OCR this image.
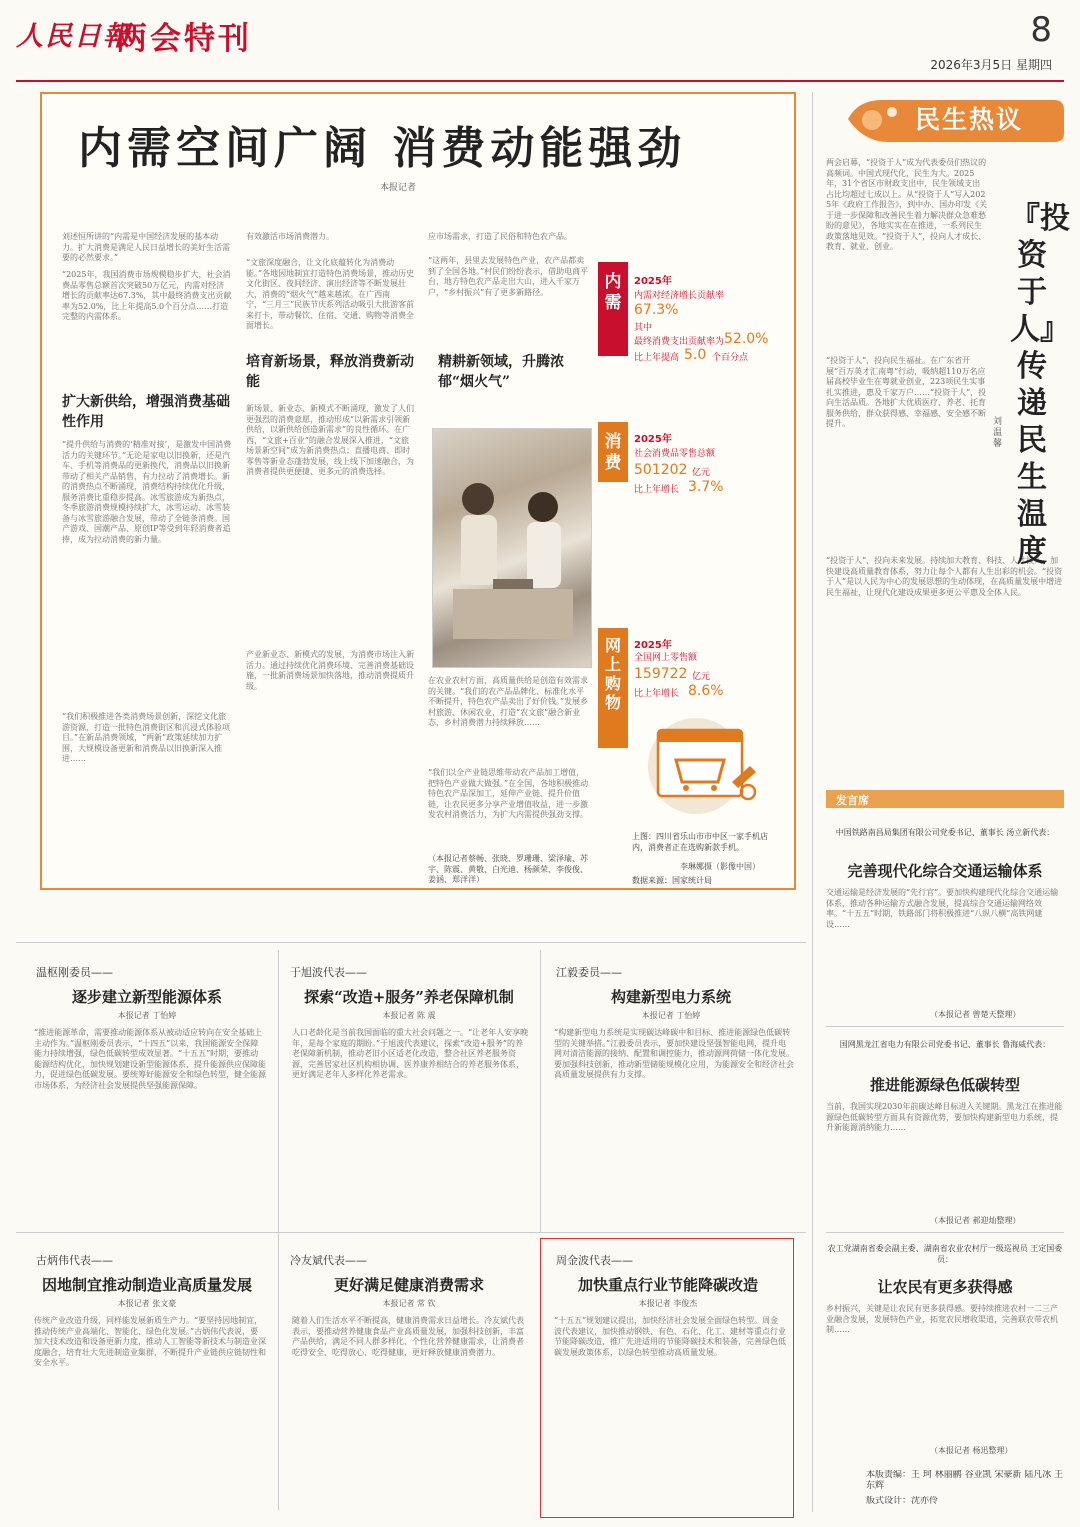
人民日報
两会特刊	8
2026年3月5日 星期四
内需空间广阔 消费动能强劲
本报记者
刘述恒所讲的“内需是中国经济发展的基本动力。扩大消费是满足人民日益增长的美好生活需要的必然要求。”
“2025年，我国消费市场规模稳步扩大，社会消费品零售总额首次突破50万亿元，内需对经济增长的贡献率达67.3%，其中最终消费支出贡献率为52.0%，比上年提高5.0个百分点……打造完整的内需体系。
扩大新供给，增强消费基础性作用
“提升供给与消费的‘精准对接’，是激发中国消费活力的关键环节。”无论是家电以旧换新，还是汽车、手机等消费品的更新换代，消费品以旧换新带动了相关产品销售，有力拉动了消费增长。新的消费热点不断涌现，消费结构持续优化升级，服务消费比重稳步提高。冰雪旅游成为新热点，冬季旅游消费规模持续扩大，冰雪运动、冰雪装备与冰雪旅游融合发展，带动了全链条消费。国产游戏、国潮产品、原创IP等受到年轻消费者追捧，成为拉动消费的新力量。
“我们积极推进各类消费场景创新，深挖文化旅游资源，打造一批特色消费街区和沉浸式体验项目。”在新品消费领域，“两新”政策延续加力扩围，大规模设备更新和消费品以旧换新深入推进……
有效激活市场消费潜力。
“文旅深度融合，让文化底蕴转化为消费动能。”各地因地制宜打造特色消费场景，推动历史文化街区、夜间经济、演出经济等不断发展壮大，消费的“烟火气”越来越浓。在广西南宁，“三月三”民族节庆系列活动吸引大批游客前来打卡，带动餐饮、住宿、交通、购物等消费全面增长。
培育新场景，释放消费新动能
新场景、新业态、新模式不断涌现，激发了人们更强烈的消费意愿，推动形成“以新需求引领新供给，以新供给创造新需求”的良性循环。在广西，“文旅+百业”的融合发展深入推进，“文旅场景新空间”成为新消费热点；直播电商、即时零售等新业态蓬勃发展，线上线下加速融合，为消费者提供更便捷、更多元的消费选择。
产业新业态、新模式的发展，为消费市场注入新活力。通过持续优化消费环境、完善消费基础设施，一批新消费场景加快落地，推动消费提质升级。
应市场需求，打造了民俗和特色农产品。
“这两年，县里去发展特色产业，农产品都卖到了全国各地。”村民们纷纷表示，借助电商平台，地方特色农产品走出大山，进入千家万户，“乡村振兴”有了更多新路径。
精耕新领域，升腾浓郁“烟火气”
在农业农村方面，高质量供给是创造有效需求的关键。“我们的农产品品牌化、标准化水平不断提升，特色农产品卖出了好价钱。”发展乡村旅游、休闲农业，打造“农文旅”融合新业态，乡村消费潜力持续释放……
“我们以全产业链思维带动农产品加工增值，把特色产业做大做强。”在全国，各地积极推动特色农产品深加工，延伸产业链、提升价值链，让农民更多分享产业增值收益，进一步激发农村消费活力，为扩大内需提供强劲支撑。
（本报记者蔡畅、张晓、罗珊珊、梁泽瑜、苏宇、陈震、黄敬、白光迪、杨颜荣、李俊俊、姜涵、郑洋洋）
内需
2025年
内需对经济增长贡献率
67.3%
其中
最终消费支出贡献率为 52.0%
比上年提高 5.0 个百分点
消费
2025年
社会消费品零售总额
501202 亿元
比上年增长 3.7%
网上购物
2025年
全国网上零售额
159722 亿元
比上年增长 8.6%
上图：四川省乐山市市中区一家手机店内，消费者正在选购新款手机。
李琳娜摄（影像中国）
数据来源：国家统计局
民生热议
两会启幕，“投资于人”成为代表委员们热议的高频词。中国式现代化，民生为大。2025年，31个省区市财政支出中，民生领域支出占比均超过七成以上。从“投资于人”写入2025年《政府工作报告》，到中办、国办印发《关于进一步保障和改善民生着力解决群众急难愁盼的意见》，各地实实在在推进，一系列民生政策落地见效。“投资于人”，投向人才成长、教育、就业、创业。
“投资于人”，投向民生福祉。在广东省开展“百万英才汇南粤”行动，吸纳超110万名应届高校毕业生在粤就业创业，223项民生实事扎实推进，惠及千家万户……“投资于人”，投向生活品质。各地扩大优质医疗、养老、托育服务供给，群众获得感、幸福感、安全感不断提升。
“投资于人”，投向未来发展。持续加大教育、科技、人才投入，加快建设高质量教育体系，努力让每个人都有人生出彩的机会。“投资于人”是以人民为中心的发展思想的生动体现，在高质量发展中增进民生福祉，让现代化建设成果更多更公平惠及全体人民。
『投资于人』传递民生温度
刘温馨
发言席
中国铁路南昌局集团有限公司党委书记、董事长 汤立新代表：
完善现代化综合交通运输体系
交通运输是经济发展的“先行官”。要加快构建现代化综合交通运输体系，推动各种运输方式融合发展，提高综合交通运输网络效率。“十五五”时期，铁路部门将积极推进“八纵八横”高铁网建设……
（本报记者 曾楚天整理）
国网黑龙江省电力有限公司党委书记、董事长 鲁海威代表：
推进能源绿色低碳转型
当前，我国实现2030年前碳达峰目标进入关键期。黑龙江在推进能源绿色低碳转型方面具有资源优势，要加快构建新型电力系统，提升新能源消纳能力……
（本报记者 郝迎灿整理）
农工党湖南省委会副主委、湖南省农业农村厅一级巡视员 王定国委员：
让农民有更多获得感
乡村振兴，关键是让农民有更多获得感。要持续推进农村一二三产业融合发展，发展特色产业，拓宽农民增收渠道，完善联农带农机制……
（本报记者 杨迅整理）
本版责编：王 珂 林丽鹂 谷业凯 宋豪新 陆凡冰 王东辉
版式设计：沈亦伶
温枢刚委员——
逐步建立新型能源体系
本报记者 丁怡婷
“推进能源革命，需要推动能源体系从被动适应转向在安全基础上主动作为。”温枢刚委员表示，“十四五”以来，我国能源安全保障能力持续增强，绿色低碳转型成效显著。“十五五”时期，要推动能源结构优化，加快规划建设新型能源体系，提升能源供应保障能力，促进绿色低碳发展。要统筹好能源安全和绿色转型，健全能源市场体系，为经济社会发展提供坚强能源保障。
于旭波代表——
探索“改造+服务”养老保障机制
本报记者 陈 震
人口老龄化是当前我国面临的重大社会问题之一。“让老年人安享晚年，是每个家庭的期盼。”于旭波代表建议，探索“改造+服务”的养老保障新机制，推动老旧小区适老化改造，整合社区养老服务资源，完善居家社区机构相协调、医养康养相结合的养老服务体系，更好满足老年人多样化养老需求。
江毅委员——
构建新型电力系统
本报记者 丁怡婷
“构建新型电力系统是实现碳达峰碳中和目标、推进能源绿色低碳转型的关键举措。”江毅委员表示，要加快建设坚强智能电网，提升电网对清洁能源的接纳、配置和调控能力，推动源网荷储一体化发展。要加强科技创新，推动新型储能规模化应用，为能源安全和经济社会高质量发展提供有力支撑。
古炳伟代表——
因地制宜推动制造业高质量发展
本报记者 张文豪
传统产业改造升级，同样能发展新质生产力。“要坚持因地制宜，推动传统产业高端化、智能化、绿色化发展。”古炳伟代表说，要加大技术改造和设备更新力度，推动人工智能等新技术与制造业深度融合，培育壮大先进制造业集群，不断提升产业链供应链韧性和安全水平。
冷友斌代表——
更好满足健康消费需求
本报记者 常 钦
随着人们生活水平不断提高，健康消费需求日益增长。冷友斌代表表示，要推动营养健康食品产业高质量发展，加强科技创新，丰富产品供给，满足不同人群多样化、个性化营养健康需求，让消费者吃得安全、吃得放心、吃得健康，更好释放健康消费潜力。
周金波代表——
加快重点行业节能降碳改造
本报记者 李俊杰
“十五五”规划建议提出，加快经济社会发展全面绿色转型。周金波代表建议，加快推动钢铁、有色、石化、化工、建材等重点行业节能降碳改造，推广先进适用的节能降碳技术和装备，完善绿色低碳发展政策体系，以绿色转型推动高质量发展。
